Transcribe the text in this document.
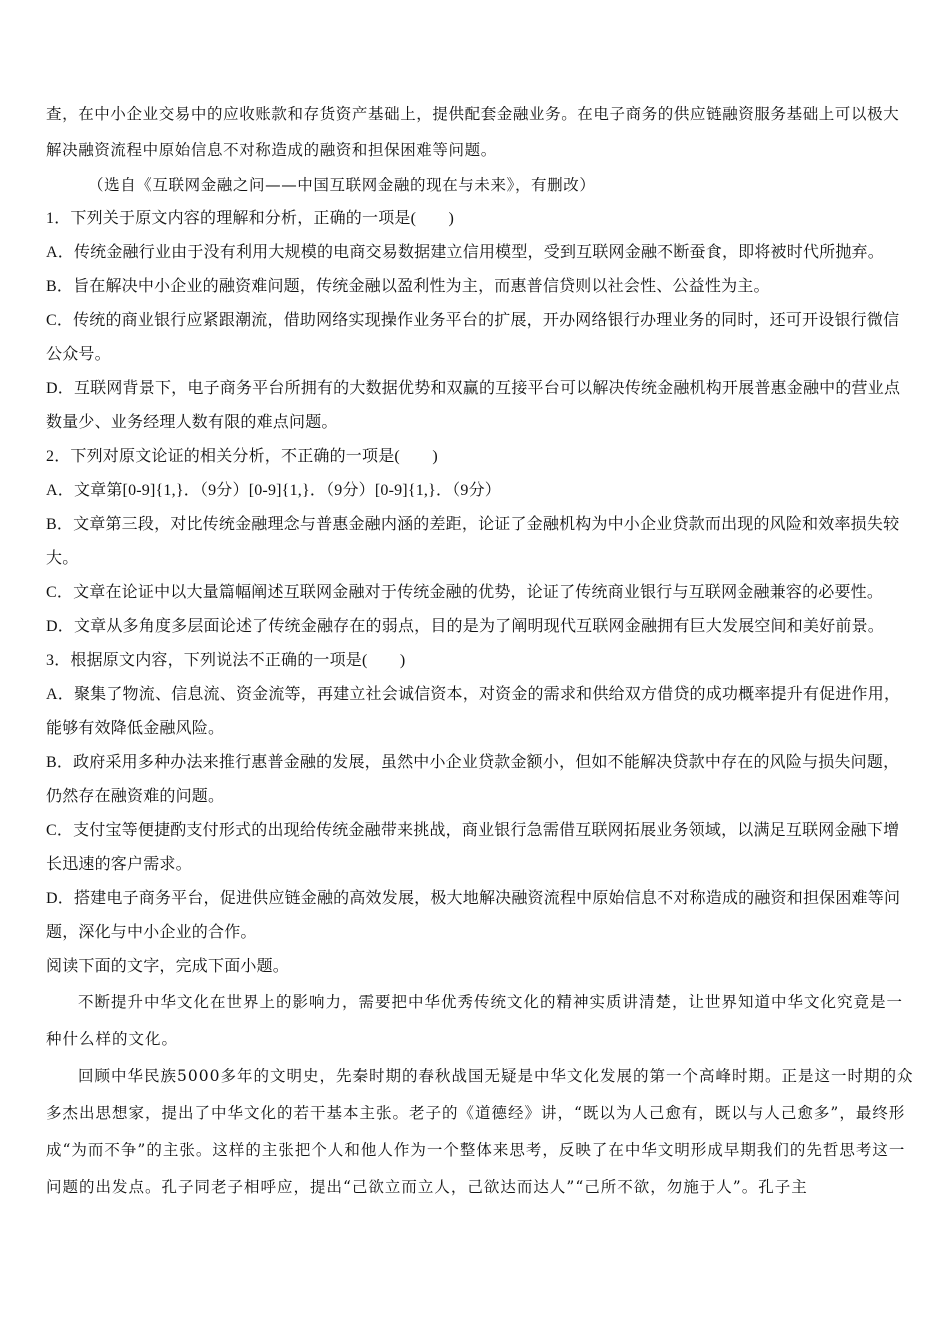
查，在中小企业交易中的应收账款和存货资产基础上，提供配套金融业务。在电子商务的供应链融资服务基础上可以极大解决融资流程中原始信息不对称造成的融资和担保困难等问题。

（选自《互联网金融之问——中国互联网金融的现在与未来》，有删改）

1．下列关于原文内容的理解和分析，正确的一项是(　　)

A．传统金融行业由于没有利用大规模的电商交易数据建立信用模型，受到互联网金融不断蚕食，即将被时代所抛弃。

B．旨在解决中小企业的融资难问题，传统金融以盈利性为主，而惠普信贷则以社会性、公益性为主。

C．传统的商业银行应紧跟潮流，借助网络实现操作业务平台的扩展，开办网络银行办理业务的同时，还可开设银行微信公众号。

D．互联网背景下，电子商务平台所拥有的大数据优势和双赢的互接平台可以解决传统金融机构开展普惠金融中的营业点数量少、业务经理人数有限的难点问题。

2．下列对原文论证的相关分析，不正确的一项是(　　)

A．文章第[0-9]{1,}．（9分）[0-9]{1,}．（9分）[0-9]{1,}．（9分）

B．文章第三段，对比传统金融理念与普惠金融内涵的差距，论证了金融机构为中小企业贷款而出现的风险和效率损失较大。

C．文章在论证中以大量篇幅阐述互联网金融对于传统金融的优势，论证了传统商业银行与互联网金融兼容的必要性。

D．文章从多角度多层面论述了传统金融存在的弱点，目的是为了阐明现代互联网金融拥有巨大发展空间和美好前景。

3．根据原文内容，下列说法不正确的一项是(　　)

A．聚集了物流、信息流、资金流等，再建立社会诚信资本，对资金的需求和供给双方借贷的成功概率提升有促进作用，能够有效降低金融风险。

B．政府采用多种办法来推行惠普金融的发展，虽然中小企业贷款金额小，但如不能解决贷款中存在的风险与损失问题，仍然存在融资难的问题。

C．支付宝等便捷酌支付形式的出现给传统金融带来挑战，商业银行急需借互联网拓展业务领域，以满足互联网金融下增长迅速的客户需求。

D．搭建电子商务平台，促进供应链金融的高效发展，极大地解决融资流程中原始信息不对称造成的融资和担保困难等问题，深化与中小企业的合作。

阅读下面的文字，完成下面小题。

不断提升中华文化在世界上的影响力，需要把中华优秀传统文化的精神实质讲清楚，让世界知道中华文化究竟是一种什么样的文化。

回顾中华民族5000多年的文明史，先秦时期的春秋战国无疑是中华文化发展的第一个高峰时期。正是这一时期的众多杰出思想家，提出了中华文化的若干基本主张。老子的《道德经》讲，“既以为人己愈有，既以与人己愈多”，最终形成“为而不争”的主张。这样的主张把个人和他人作为一个整体来思考，反映了在中华文明形成早期我们的先哲思考这一问题的出发点。孔子同老子相呼应，提出“己欲立而立人，己欲达而达人”“己所不欲，勿施于人”。孔子主
